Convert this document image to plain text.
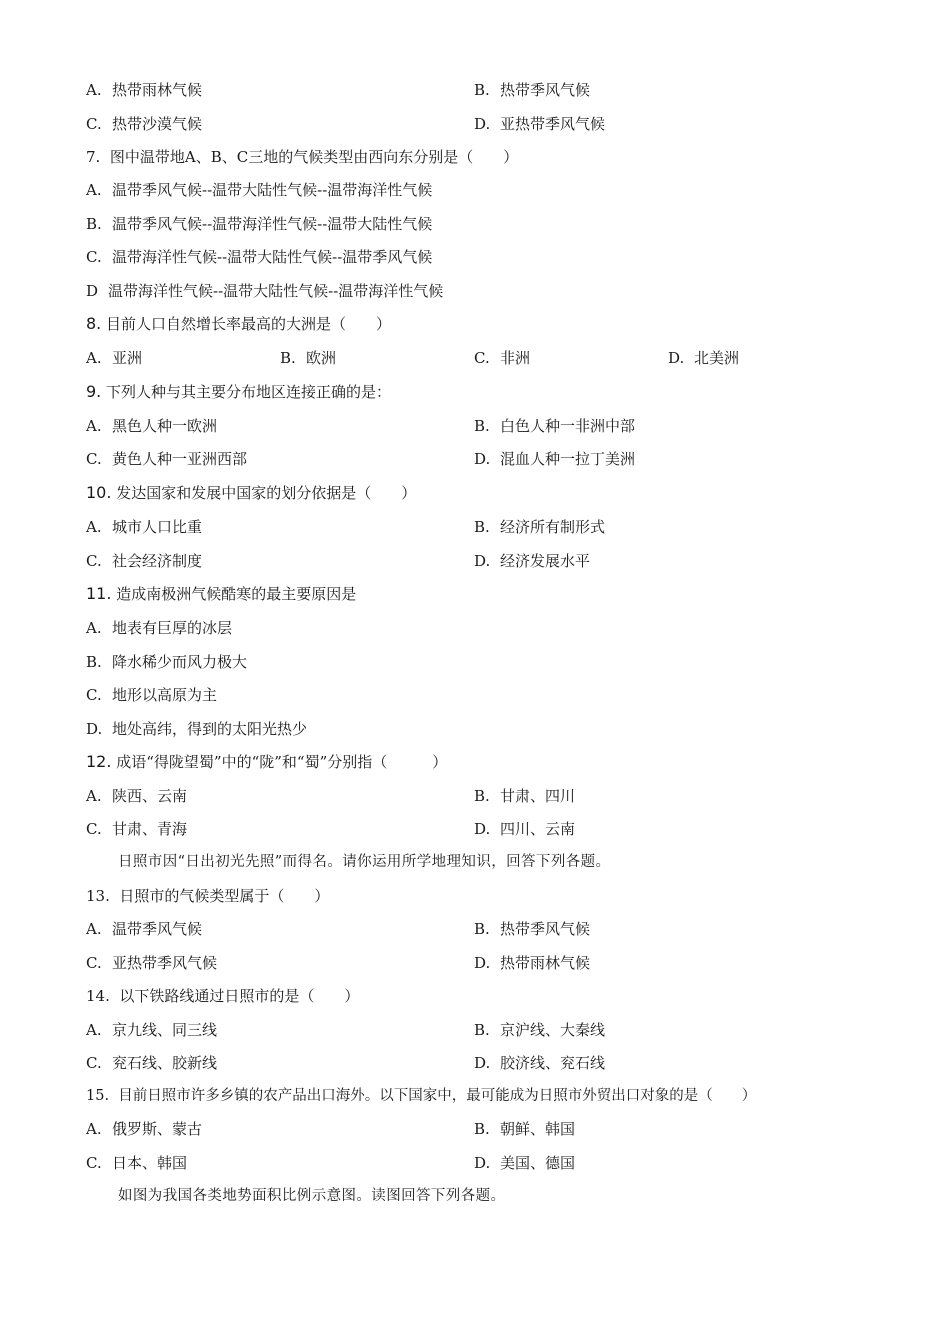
A. 热带雨林气候	B. 热带季风气候
C. 热带沙漠气候	D. 亚热带季风气候
7. 图中温带地A、B、C三地的气候类型由西向东分别是（　　）
A. 温带季风气候--温带大陆性气候--温带海洋性气候
B. 温带季风气候--温带海洋性气候--温带大陆性气候
C. 温带海洋性气候--温带大陆性气候--温带季风气候
D 温带海洋性气候--温带大陆性气候--温带海洋性气候
8. 目前人口自然增长率最高的大洲是（　　）
A. 亚洲	B. 欧洲	C. 非洲	D. 北美洲
9. 下列人种与其主要分布地区连接正确的是：
A. 黑色人种一欧洲	B. 白色人种一非洲中部
C. 黄色人种一亚洲西部	D. 混血人种一拉丁美洲
10. 发达国家和发展中国家的划分依据是（　　）
A. 城市人口比重	B. 经济所有制形式
C. 社会经济制度	D. 经济发展水平
11. 造成南极洲气候酷寒的最主要原因是
A. 地表有巨厚的冰层
B. 降水稀少而风力极大
C. 地形以高原为主
D. 地处高纬，得到的太阳光热少
12. 成语“得陇望蜀”中的“陇”和“蜀”分别指（　　　）
A. 陕西、云南	B. 甘肃、四川
C. 甘肃、青海	D. 四川、云南
日照市因“日出初光先照”而得名。请你运用所学地理知识，回答下列各题。
13. 日照市的气候类型属于（　　）
A. 温带季风气候	B. 热带季风气候
C. 亚热带季风气候	D. 热带雨林气候
14. 以下铁路线通过日照市的是（　　）
A. 京九线、同三线	B. 京沪线、大秦线
C. 兖石线、胶新线	D. 胶济线、兖石线
15. 目前日照市许多乡镇的农产品出口海外。以下国家中，最可能成为日照市外贸出口对象的是（　　）
A. 俄罗斯、蒙古	B. 朝鲜、韩国
C. 日本、韩国	D. 美国、德国
如图为我国各类地势面积比例示意图。读图回答下列各题。
